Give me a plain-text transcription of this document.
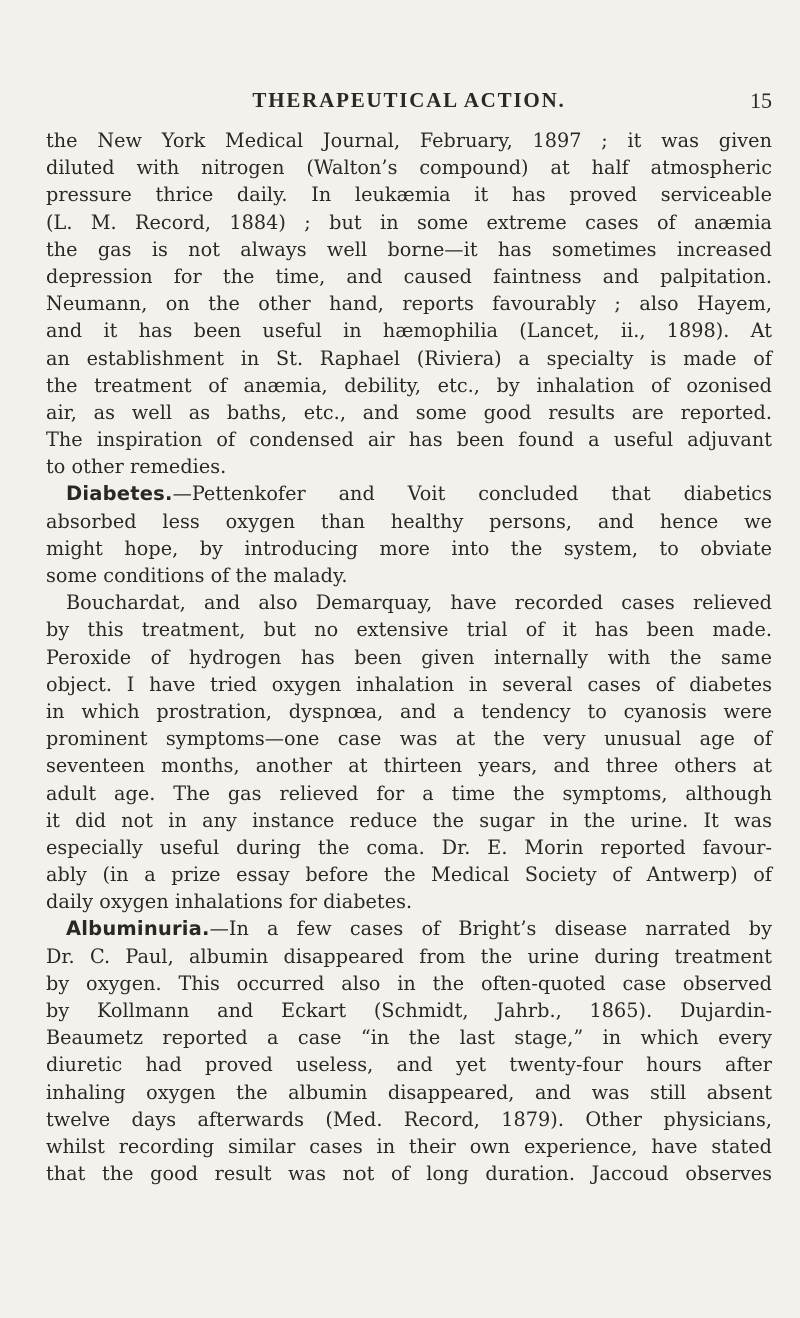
THERAPEUTICAL ACTION.	15
the New York Medical Journal, February, 1897 ; it was given
diluted with nitrogen (Walton’s compound) at half atmospheric
pressure thrice daily. In leukæmia it has proved serviceable
(L. M. Record, 1884) ; but in some extreme cases of anæmia
the gas is not always well borne—it has sometimes increased
depression for the time, and caused faintness and palpitation.
Neumann, on the other hand, reports favourably ; also Hayem,
and it has been useful in hæmophilia (Lancet, ii., 1898). At
an establishment in St. Raphael (Riviera) a specialty is made of
the treatment of anæmia, debility, etc., by inhalation of ozonised
air, as well as baths, etc., and some good results are reported.
The inspiration of condensed air has been found a useful adjuvant
to other remedies.
Diabetes.—Pettenkofer and Voit concluded that diabetics
absorbed less oxygen than healthy persons, and hence we
might hope, by introducing more into the system, to obviate
some conditions of the malady.
Bouchardat, and also Demarquay, have recorded cases relieved
by this treatment, but no extensive trial of it has been made.
Peroxide of hydrogen has been given internally with the same
object. I have tried oxygen inhalation in several cases of diabetes
in which prostration, dyspnœa, and a tendency to cyanosis were
prominent symptoms—one case was at the very unusual age of
seventeen months, another at thirteen years, and three others at
adult age. The gas relieved for a time the symptoms, although
it did not in any instance reduce the sugar in the urine. It was
especially useful during the coma. Dr. E. Morin reported favour-
ably (in a prize essay before the Medical Society of Antwerp) of
daily oxygen inhalations for diabetes.
Albuminuria.—In a few cases of Bright’s disease narrated by
Dr. C. Paul, albumin disappeared from the urine during treatment
by oxygen. This occurred also in the often-quoted case observed
by Kollmann and Eckart (Schmidt, Jahrb., 1865). Dujardin-
Beaumetz reported a case “in the last stage,” in which every
diuretic had proved useless, and yet twenty-four hours after
inhaling oxygen the albumin disappeared, and was still absent
twelve days afterwards (Med. Record, 1879). Other physicians,
whilst recording similar cases in their own experience, have stated
that the good result was not of long duration. Jaccoud observes
